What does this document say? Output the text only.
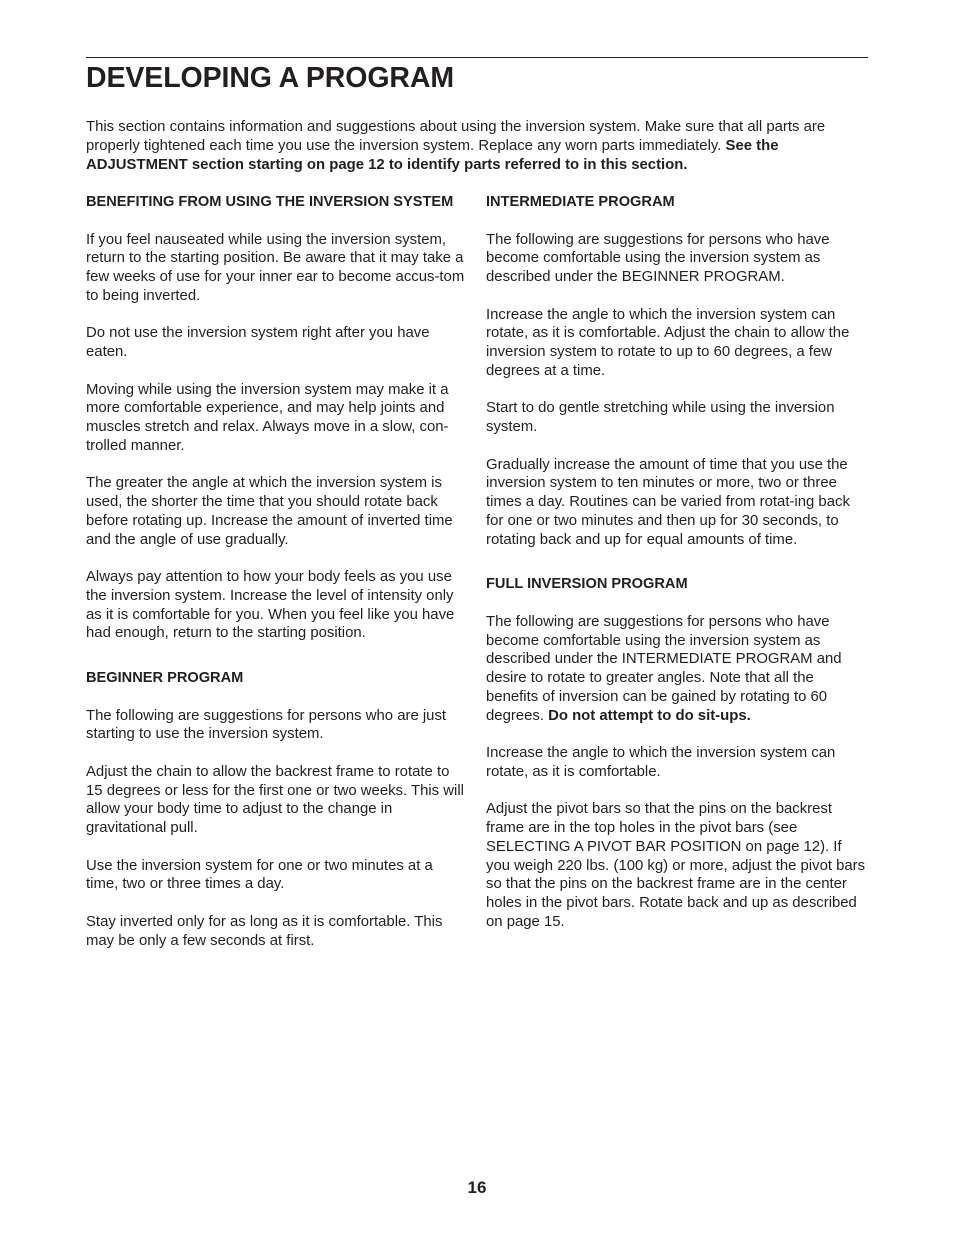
DEVELOPING A PROGRAM

This section contains information and suggestions about using the inversion system. Make sure that all parts are properly tightened each time you use the inversion system. Replace any worn parts immediately. See the ADJUSTMENT section starting on page 12 to identify parts referred to in this section.

BENEFITING FROM USING THE INVERSION SYSTEM

If you feel nauseated while using the inversion system, return to the starting position. Be aware that it may take a few weeks of use for your inner ear to become accus-tom to being inverted.

Do not use the inversion system right after you have eaten.

Moving while using the inversion system may make it a more comfortable experience, and may help joints and muscles stretch and relax. Always move in a slow, con-trolled manner.

The greater the angle at which the inversion system is used, the shorter the time that you should rotate back before rotating up. Increase the amount of inverted time and the angle of use gradually.

Always pay attention to how your body feels as you use the inversion system. Increase the level of intensity only as it is comfortable for you. When you feel like you have had enough, return to the starting position.

BEGINNER PROGRAM

The following are suggestions for persons who are just starting to use the inversion system.

Adjust the chain to allow the backrest frame to rotate to 15 degrees or less for the first one or two weeks. This will allow your body time to adjust to the change in gravitational pull.

Use the inversion system for one or two minutes at a time, two or three times a day.

Stay inverted only for as long as it is comfortable. This may be only a few seconds at first.

INTERMEDIATE PROGRAM

The following are suggestions for persons who have become comfortable using the inversion system as described under the BEGINNER PROGRAM.

Increase the angle to which the inversion system can rotate, as it is comfortable. Adjust the chain to allow the inversion system to rotate to up to 60 degrees, a few degrees at a time.

Start to do gentle stretching while using the inversion system.

Gradually increase the amount of time that you use the inversion system to ten minutes or more, two or three times a day. Routines can be varied from rotat-ing back for one or two minutes and then up for 30 seconds, to rotating back and up for equal amounts of time.

FULL INVERSION PROGRAM

The following are suggestions for persons who have become comfortable using the inversion system as described under the INTERMEDIATE PROGRAM and desire to rotate to greater angles. Note that all the benefits of inversion can be gained by rotating to 60 degrees. Do not attempt to do sit-ups.

Increase the angle to which the inversion system can rotate, as it is comfortable.

Adjust the pivot bars so that the pins on the backrest frame are in the top holes in the pivot bars (see SELECTING A PIVOT BAR POSITION on page 12). If you weigh 220 lbs. (100 kg) or more, adjust the pivot bars so that the pins on the backrest frame are in the center holes in the pivot bars. Rotate back and up as described on page 15.

16
